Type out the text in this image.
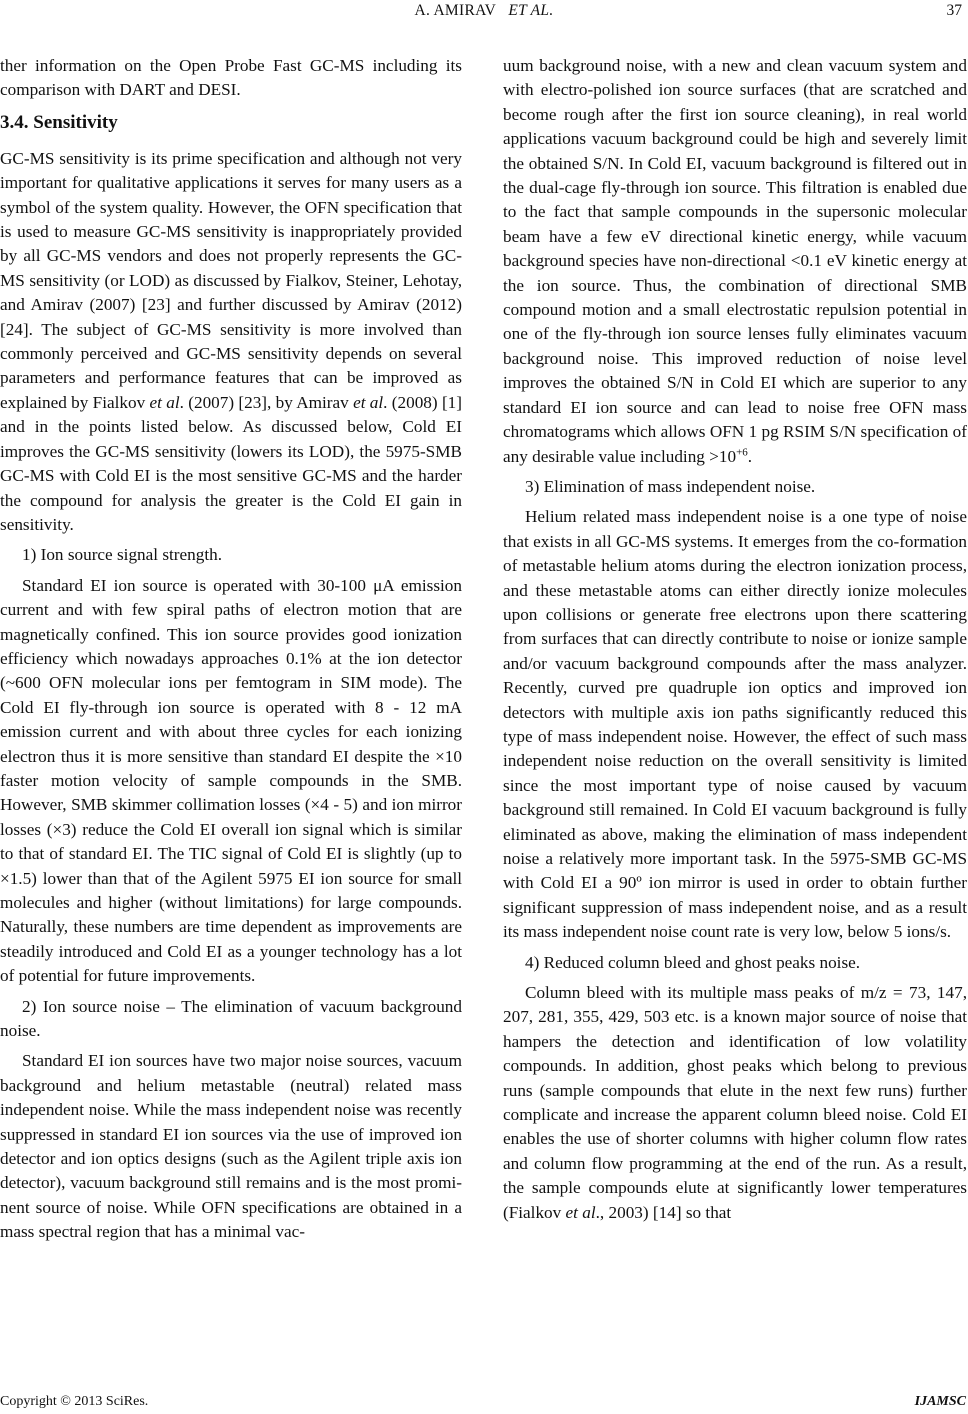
A. AMIRAV ET AL.	37

ther information on the Open Probe Fast GC-MS including its comparison with DART and DESI.

3.4. Sensitivity

GC-MS sensitivity is its prime specification and although not very important for qualitative applications it serves for many users as a symbol of the system quality. However, the OFN specification that is used to measure GC-MS sensitivity is inappropriately provided by all GC-MS vendors and does not properly represents the GC-MS sensitivity (or LOD) as discussed by Fialkov, Steiner, Lehotay, and Amirav (2007) [23] and further discussed by Amirav (2012) [24]. The subject of GC-MS sensitivity is more involved than commonly perceived and GC-MS sensitivity depends on several parameters and performance features that can be improved as explained by Fialkov et al. (2007) [23], by Amirav et al. (2008) [1] and in the points listed below. As discussed below, Cold EI improves the GC-MS sensitivity (lowers its LOD), the 5975-SMB GC-MS with Cold EI is the most sensitive GC-MS and the harder the compound for analysis the greater is the Cold EI gain in sensitivity.

1) Ion source signal strength.

Standard EI ion source is operated with 30-100 μA emission current and with few spiral paths of electron motion that are magnetically confined. This ion source provides good ionization efficiency which nowadays approaches 0.1% at the ion detector (~600 OFN molecular ions per femtogram in SIM mode). The Cold EI fly-through ion source is operated with 8 - 12 mA emission current and with about three cycles for each ionizing electron thus it is more sensitive than standard EI despite the ×10 faster motion velocity of sample compounds in the SMB. However, SMB skimmer collimation losses (×4 - 5) and ion mirror losses (×3) reduce the Cold EI overall ion signal which is similar to that of standard EI. The TIC signal of Cold EI is slightly (up to ×1.5) lower than that of the Agilent 5975 EI ion source for small molecules and higher (without limitations) for large compounds. Naturally, these numbers are time dependent as improvements are steadily introduced and Cold EI as a younger technology has a lot of potential for future improvements.

2) Ion source noise – The elimination of vacuum background noise.

Standard EI ion sources have two major noise sources, vacuum background and helium metastable (neutral) related mass independent noise. While the mass independent noise was recently suppressed in standard EI ion sources via the use of improved ion detector and ion optics designs (such as the Agilent triple axis ion detector), vacuum background still remains and is the most prominent source of noise. While OFN specifications are obtained in a mass spectral region that has a minimal vac-

uum background noise, with a new and clean vacuum system and with electro-polished ion source surfaces (that are scratched and become rough after the first ion source cleaning), in real world applications vacuum background could be high and severely limit the obtained S/N. In Cold EI, vacuum background is filtered out in the dual-cage fly-through ion source. This filtration is enabled due to the fact that sample compounds in the supersonic molecular beam have a few eV directional kinetic energy, while vacuum background species have non-directional <0.1 eV kinetic energy at the ion source. Thus, the combination of directional SMB compound motion and a small electrostatic repulsion potential in one of the fly-through ion source lenses fully eliminates vacuum background noise. This improved reduction of noise level improves the obtained S/N in Cold EI which are superior to any standard EI ion source and can lead to noise free OFN mass chromatograms which allows OFN 1 pg RSIM S/N specification of any desirable value including $>10^{+6}$.

3) Elimination of mass independent noise.

Helium related mass independent noise is a one type of noise that exists in all GC-MS systems. It emerges from the co-formation of metastable helium atoms during the electron ionization process, and these metastable atoms can either directly ionize molecules upon collisions or generate free electrons upon there scattering from surfaces that can directly contribute to noise or ionize sample and/or vacuum background compounds after the mass analyzer. Recently, curved pre quadruple ion optics and improved ion detectors with multiple axis ion paths significantly reduced this type of mass independent noise. However, the effect of such mass independent noise reduction on the overall sensitivity is limited since the most important type of noise caused by vacuum background still remained. In Cold EI vacuum background is fully eliminated as above, making the elimination of mass independent noise a relatively more important task. In the 5975-SMB GC-MS with Cold EI a 90º ion mirror is used in order to obtain further significant suppression of mass independent noise, and as a result its mass independent noise count rate is very low, below 5 ions/s.

4) Reduced column bleed and ghost peaks noise.

Column bleed with its multiple mass peaks of m/z = 73, 147, 207, 281, 355, 429, 503 etc. is a known major source of noise that hampers the detection and identification of low volatility compounds. In addition, ghost peaks which belong to previous runs (sample compounds that elute in the next few runs) further complicate and increase the apparent column bleed noise. Cold EI enables the use of shorter columns with higher column flow rates and column flow programming at the end of the run. As a result, the sample compounds elute at significantly lower temperatures (Fialkov et al., 2003) [14] so that

Copyright © 2013 SciRes.	IJAMSC
